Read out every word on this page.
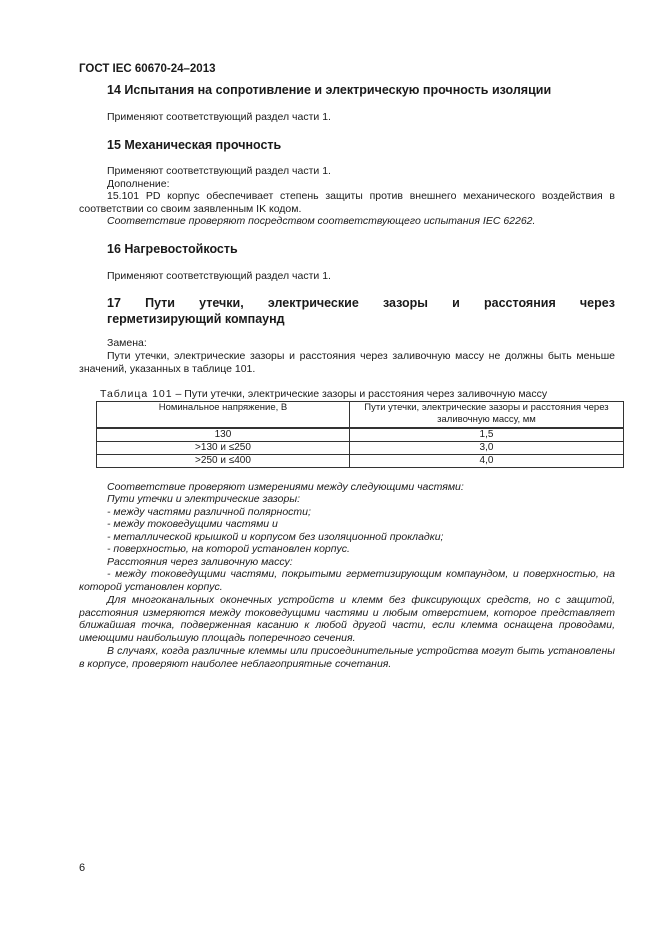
ГОСТ IEC 60670-24–2013
14 Испытания на сопротивление и электрическую прочность изоляции

Применяют соответствующий раздел части 1.

15 Механическая прочность

Применяют соответствующий раздел части 1.

Дополнение:

15.101 PD корпус обеспечивает степень защиты против внешнего механического воздействия в соответствии со своим заявленным IK кодом.

Соответствие проверяют посредством соответствующего испытания IEC 62262.

16 Нагревостойкость

Применяют соответствующий раздел части 1.

17 Пути утечки, электрические зазоры и расстояния через
герметизирующий компаунд

Замена:

Пути утечки, электрические зазоры и расстояния через заливочную массу не должны быть меньше значений, указанных в таблице 101.

Таблица 101 – Пути утечки, электрические зазоры и расстояния через заливочную массу
Номинальное напряжение, В	Пути утечки, электрические зазоры и расстояния через заливочную массу, мм
130	1,5
>130 и ≤250	3,0
>250 и ≤400	4,0

Соответствие проверяют измерениями между следующими частями:

Пути утечки и электрические зазоры:

- между частями различной полярности;

- между токоведущими частями и

- металлической крышкой и корпусом без изоляционной прокладки;

- поверхностью, на которой установлен корпус.

Расстояния через заливочную массу:

- между токоведущими частями, покрытыми герметизирующим компаундом, и поверхностью, на которой установлен корпус.

Для многоканальных оконечных устройств и клемм без фиксирующих средств, но с защитой, расстояния измеряются между токоведущими частями и любым отверстием, которое представляет ближайшая точка, подверженная касанию к любой другой части, если клемма оснащена проводами, имеющими наибольшую площадь поперечного сечения.

В случаях, когда различные клеммы или присоединительные устройства могут быть установлены в корпусе, проверяют наиболее неблагоприятные сочетания.

6
